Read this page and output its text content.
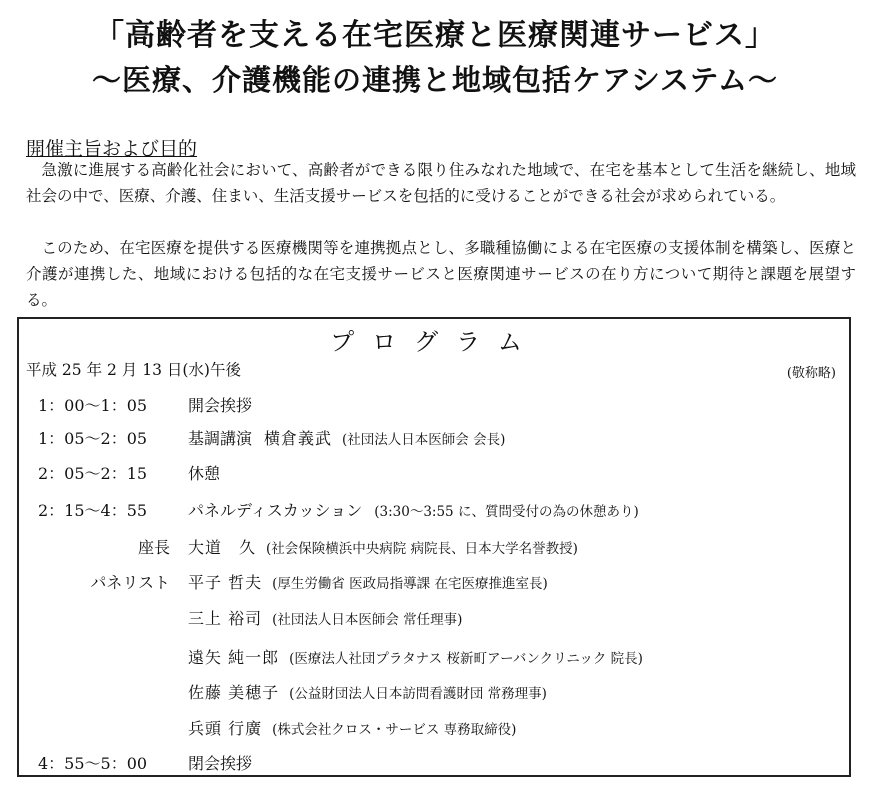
「高齢者を支える在宅医療と医療関連サービス」
～医療、介護機能の連携と地域包括ケアシステム～
開催主旨および目的
急激に進展する高齢化社会において、高齢者ができる限り住みなれた地域で、在宅を基本として生活を継続し、地域社会の中で、医療、介護、住まい、生活支援サービスを包括的に受けることができる社会が求められている。
このため、在宅医療を提供する医療機関等を連携拠点とし、多職種協働による在宅医療の支援体制を構築し、医療と介護が連携した、地域における包括的な在宅支援サービスと医療関連サービスの在り方について期待と課題を展望する。
プログラム
平成 25 年 2 月 13 日(水)午後	(敬称略)
1：00～1：05	開会挨拶
1：05～2：05	基調講演 横倉義武 (社団法人日本医師会 会長)
2：05～2：15	休憩
2：15～4：55	パネルディスカッション (3:30～3:55 に、質問受付の為の休憩あり)
座長 大道　久 (社会保険横浜中央病院 病院長、日本大学名誉教授)
パネリスト 平子 哲夫 (厚生労働省 医政局指導課 在宅医療推進室長)
三上 裕司 (社団法人日本医師会 常任理事)
遠矢 純一郎 (医療法人社団プラタナス 桜新町アーバンクリニック 院長)
佐藤 美穂子 (公益財団法人日本訪問看護財団 常務理事)
兵頭 行廣 (株式会社クロス・サービス 専務取締役)
4：55～5：00	閉会挨拶
